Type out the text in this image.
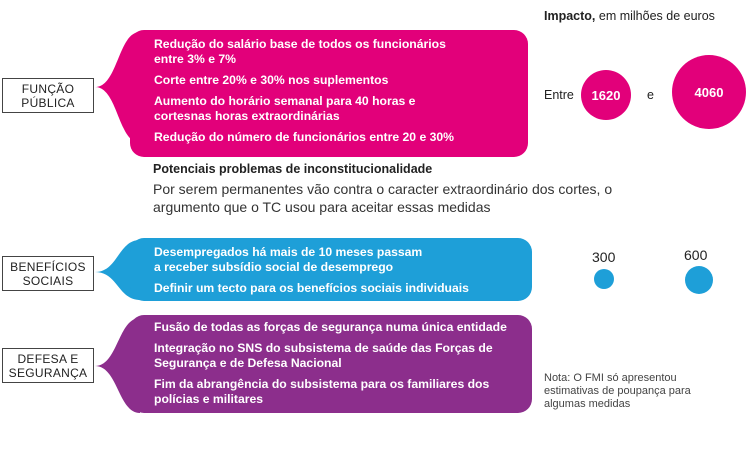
Impacto, em milhões de euros
FUNÇÃO
PÚBLICA
Redução do salário base de todos os funcionários
entre 3% e 7%
Corte entre 20% e 30% nos suplementos
Aumento do horário semanal para 40 horas e
cortesnas horas extraordinárias
Redução do número de funcionários entre 20 e 30%
Entre 1620 e	4060
Potenciais problemas de inconstitucionalidade
Por serem permanentes vão contra o caracter extraordinário dos cortes, o
argumento que o TC usou para aceitar essas medidas
BENEFÍCIOS
SOCIAIS
Desempregados há mais de 10 meses passam
a receber subsídio social de desemprego
Definir um tecto para os benefícios sociais individuais
300	600
DEFESA E
SEGURANÇA
Fusão de todas as forças de segurança numa única entidade
Integração no SNS do subsistema de saúde das Forças de
Segurança e de Defesa Nacional
Fim da abrangência do subsistema para os familiares dos
polícias e militares
Nota: O FMI só apresentou
estimativas de poupança para
algumas medidas
